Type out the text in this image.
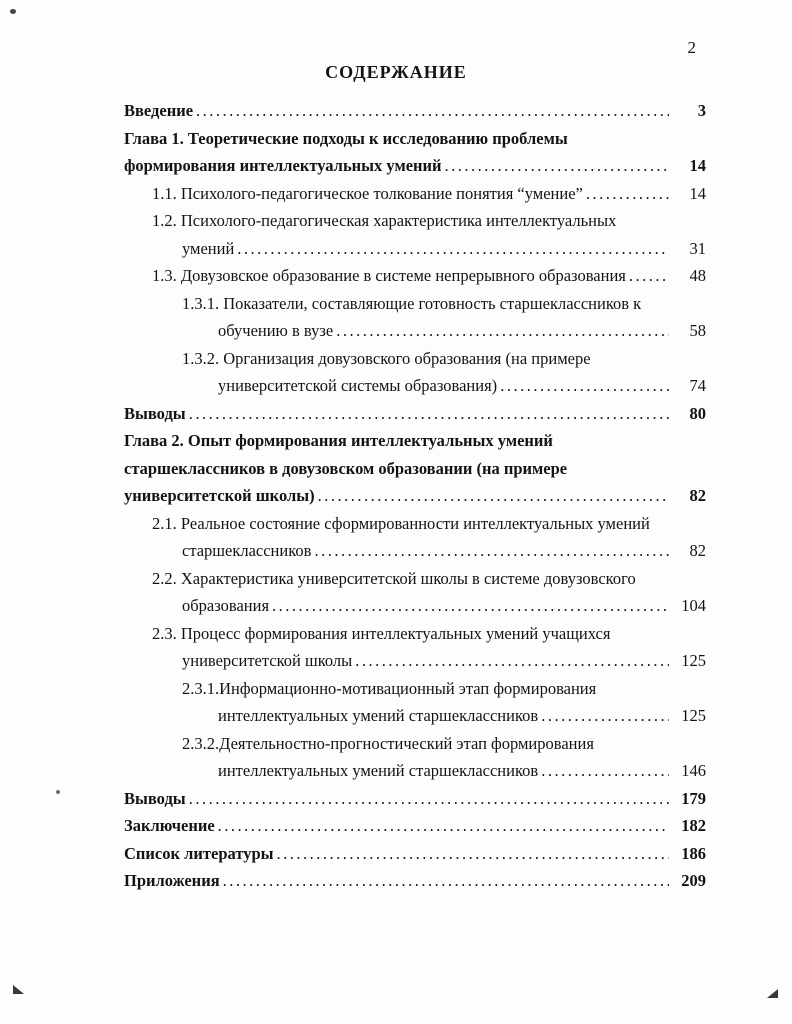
2
СОДЕРЖАНИЕ
Введение .....	3
Глава 1. Теоретические подходы к исследованию проблемы
формирования интеллектуальных умений .....	14
1.1. Психолого-педагогическое толкование понятия “умение” .....	14
1.2. Психолого-педагогическая характеристика интеллектуальных
умений .....	31
1.3. Довузовское образование в системе непрерывного образования .....	48
1.3.1. Показатели, составляющие готовность старшеклассников к
обучению в вузе .....	58
1.3.2. Организация довузовского образования (на примере
университетской системы образования) .....	74
Выводы .....	80
Глава 2. Опыт формирования интеллектуальных умений
старшеклассников в довузовском образовании (на примере
университетской школы) .....	82
2.1. Реальное состояние сформированности интеллектуальных умений
старшеклассников .....	82
2.2. Характеристика университетской школы в системе довузовского
образования .....	104
2.3. Процесс формирования интеллектуальных умений учащихся
университетской школы .....	125
2.3.1.Информационно-мотивационный этап формирования
интеллектуальных умений старшеклассников .....	125
2.3.2.Деятельностно-прогностический этап формирования
интеллектуальных умений старшеклассников .....	146
Выводы .....	179
Заключение .....	182
Список литературы .....	186
Приложения .....	209
